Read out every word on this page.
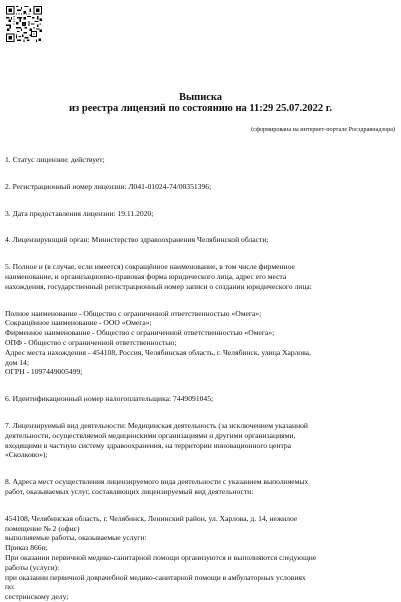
Выписка
из реестра лицензий по состоянию на 11:29 25.07.2022 г.
(сформирована на интернет-портале Росздравнадзора)

1. Статус лицензии: действует;

2. Регистрационный номер лицензии: Л041-01024-74/00351396;

3. Дата предоставления лицензии: 19.11.2020;

4. Лицензирующий орган: Министерство здравоохранения Челябинской области;

5. Полное и (в случае, если имеется) сокращённое наименование, в том числе фирменное
наименование, и организационно-правовая форма юридического лица, адрес его места
нахождения, государственный регистрационный номер записи о создании юридического лица:

Полное наименование - Общество с ограниченной ответственностью «Омега»;
Сокращённое наименование - ООО «Омега»;
Фирменное наименование - Общество с ограниченной ответственностью «Омега»;
ОПФ - Общество с ограниченной ответственностью;
Адрес места нахождения - 454108, Россия, Челябинская область, г. Челябинск, улица Харлова,
дом 14;
ОГРН - 1097449005499;

6. Идентификационный номер налогоплательщика: 7449091045;

7. Лицензируемый вид деятельности: Медицинская деятельность (за исключением указанной
деятельности, осуществляемой медицинскими организациями и другими организациями,
входящими в частную систему здравоохранения, на территории инновационного центра
«Сколково»);

8. Адреса мест осуществления лицензируемого вида деятельности с указанием выполняемых
работ, оказываемых услуг, составляющих лицензируемый вид деятельности:

454108, Челябинская область, г. Челябинск, Ленинский район, ул. Харлова, д. 14, нежилое
помещение № 2 (офис)
выполняемые работы, оказываемые услуги:
Приказ 866н;
При оказании первичной медико-санитарной помощи организуются и выполняются следующие
работы (услуги):
при оказании первичной доврачебной медико-санитарной помощи в амбулаторных условиях
по:
сестринскому делу;
